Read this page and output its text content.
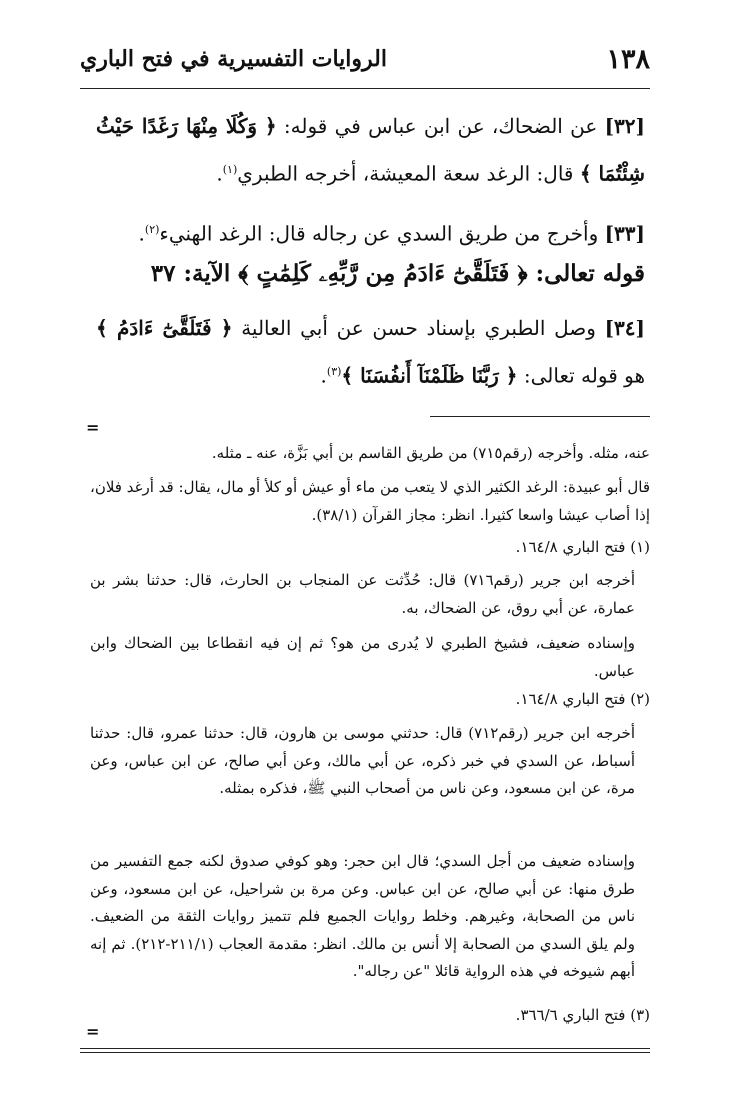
١٣٨
الروايات التفسيرية في فتح الباري
[٣٢] عن الضحاك، عن ابن عباس في قوله: ﴿ وَكُلَا مِنْهَا رَغَدًا حَيْثُ شِئْتُمَا ﴾ قال: الرغد سعة المعيشة، أخرجه الطبري$^{(١)}$.
[٣٣] وأخرج من طريق السدي عن رجاله قال: الرغد الهنيء$^{(٢)}$.
قوله تعالى: ﴿ فَتَلَقَّىٰٓ ءَادَمُ مِن رَّبِّهِۦ كَلِمَٰتٍ ﴾ الآية: ٣٧
[٣٤] وصل الطبري بإسناد حسن عن أبي العالية ﴿ فَتَلَقَّىٰٓ ءَادَمُ ﴾ هو قوله تعالى: ﴿ رَبَّنَا ظَلَمْنَآ أَنفُسَنَا ﴾$^{(٣)}$.
=
عنه، مثله. وأخرجه (رقم٧١٥) من طريق القاسم بن أبي بَزَّة، عنه ـ مثله.
قال أبو عبيدة: الرغد الكثير الذي لا يتعب من ماء أو عيش أو كلأ أو مال، يقال: قد أرغد فلان، إذا أصاب عيشا واسعا كثيرا. انظر: مجاز القرآن (٣٨/١).
(١) فتح الباري ١٦٤/٨.
أخرجه ابن جرير (رقم٧١٦) قال: حُدِّثت عن المنجاب بن الحارث، قال: حدثنا بشر بن عمارة، عن أبي روق، عن الضحاك، به.
وإسناده ضعيف، فشيخ الطبري لا يُدرى من هو؟ ثم إن فيه انقطاعا بين الضحاك وابن عباس.
(٢) فتح الباري ١٦٤/٨.
أخرجه ابن جرير (رقم٧١٢) قال: حدثني موسى بن هارون، قال: حدثنا عمرو، قال: حدثنا أسباط، عن السدي في خبر ذكره، عن أبي مالك، وعن أبي صالح، عن ابن عباس، وعن مرة، عن ابن مسعود، وعن ناس من أصحاب النبي ﷺ، فذكره بمثله.
وإسناده ضعيف من أجل السدي؛ قال ابن حجر: وهو كوفي صدوق لكنه جمع التفسير من طرق منها: عن أبي صالح، عن ابن عباس. وعن مرة بن شراحيل، عن ابن مسعود، وعن ناس من الصحابة، وغيرهم. وخلط روايات الجميع فلم تتميز روايات الثقة من الضعيف. ولم يلق السدي من الصحابة إلا أنس بن مالك. انظر: مقدمة العجاب (٢١١/١-٢١٢). ثم إنه أبهم شيوخه في هذه الرواية قائلا "عن رجاله".
(٣) فتح الباري ٣٦٦/٦.
=
